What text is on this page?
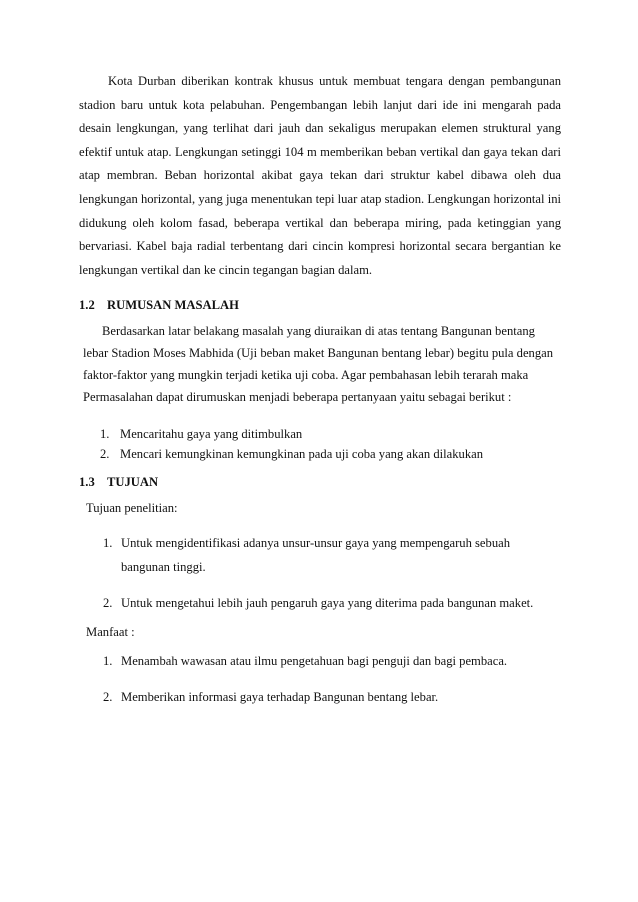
Kota Durban diberikan kontrak khusus untuk membuat tengara dengan pembangunan stadion baru untuk kota pelabuhan. Pengembangan lebih lanjut dari ide ini mengarah pada desain lengkungan, yang terlihat dari jauh dan sekaligus merupakan elemen struktural yang efektif untuk atap. Lengkungan setinggi 104 m memberikan beban vertikal dan gaya tekan dari atap membran. Beban horizontal akibat gaya tekan dari struktur kabel dibawa oleh dua lengkungan horizontal, yang juga menentukan tepi luar atap stadion. Lengkungan horizontal ini didukung oleh kolom fasad, beberapa vertikal dan beberapa miring, pada ketinggian yang bervariasi. Kabel baja radial terbentang dari cincin kompresi horizontal secara bergantian ke lengkungan vertikal dan ke cincin tegangan bagian dalam.

1.2 RUMUSAN MASALAH
Berdasarkan latar belakang masalah yang diuraikan di atas tentang Bangunan bentang
lebar Stadion Moses Mabhida (Uji beban maket Bangunan bentang lebar) begitu pula dengan
faktor-faktor yang mungkin terjadi ketika uji coba. Agar pembahasan lebih terarah maka
Permasalahan dapat dirumuskan menjadi beberapa pertanyaan yaitu sebagai berikut :
1. Mencaritahu gaya yang ditimbulkan
2. Mencari kemungkinan kemungkinan pada uji coba yang akan dilakukan
1.3 TUJUAN

Tujuan penelitian:

1. Untuk mengidentifikasi adanya unsur-unsur gaya yang mempengaruh sebuah
bangunan tinggi.
2. Untuk mengetahui lebih jauh pengaruh gaya yang diterima pada bangunan maket.

Manfaat :

1. Menambah wawasan atau ilmu pengetahuan bagi penguji dan bagi pembaca.
2. Memberikan informasi gaya terhadap Bangunan bentang lebar.
